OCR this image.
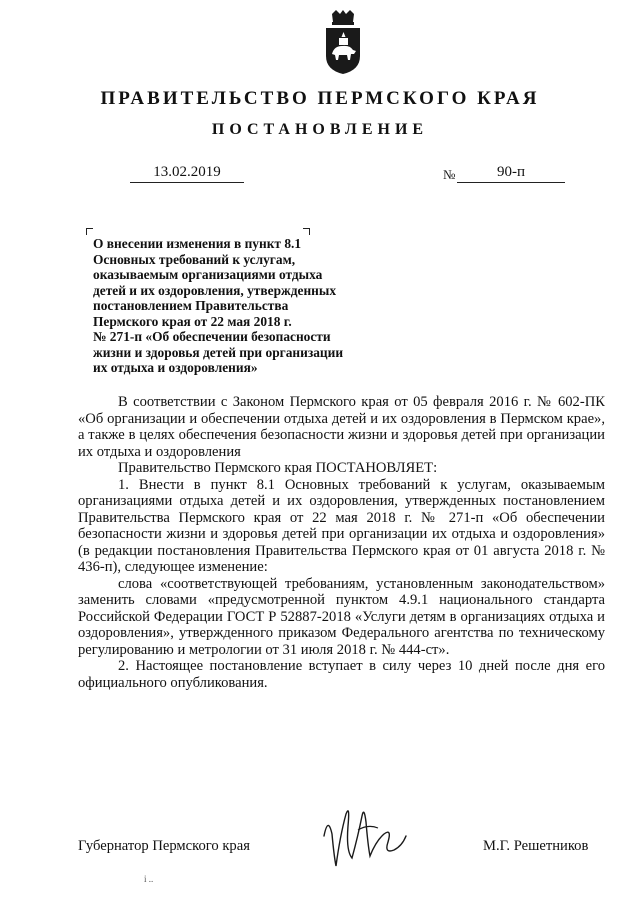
ПРАВИТЕЛЬСТВО ПЕРМСКОГО КРАЯ
ПОСТАНОВЛЕНИЕ
13.02.2019	№	90-п
О внесении изменения в пункт 8.1
Основных требований к услугам,
оказываемым организациями отдыха
детей и их оздоровления, утвержденных
постановлением Правительства
Пермского края от 22 мая 2018 г.
№ 271-п «Об обеспечении безопасности
жизни и здоровья детей при организации
их отдыха и оздоровления»

В соответствии с Законом Пермского края от 05 февраля 2016 г. № 602-ПК «Об организации и обеспечении отдыха детей и их оздоровления в Пермском крае», а также в целях обеспечения безопасности жизни и здоровья детей при организации их отдыха и оздоровления

Правительство Пермского края ПОСТАНОВЛЯЕТ:

1. Внести в пункт 8.1 Основных требований к услугам, оказываемым организациями отдыха детей и их оздоровления, утвержденных постановлением Правительства Пермского края от 22 мая 2018 г. № 271-п «Об обеспечении безопасности жизни и здоровья детей при организации их отдыха и оздоровления» (в редакции постановления Правительства Пермского края от 01 августа 2018 г. № 436-п), следующее изменение:

слова «соответствующей требованиям, установленным законодательством» заменить словами «предусмотренной пунктом 4.9.1 национального стандарта Российской Федерации ГОСТ Р 52887-2018 «Услуги детям в организациях отдыха и оздоровления», утвержденного приказом Федерального агентства по техническому регулированию и метрологии от 31 июля 2018 г. № 444-ст».

2. Настоящее постановление вступает в силу через 10 дней после дня его официального опубликования.

Губернатор Пермского края	М.Г. Решетников
і ..
